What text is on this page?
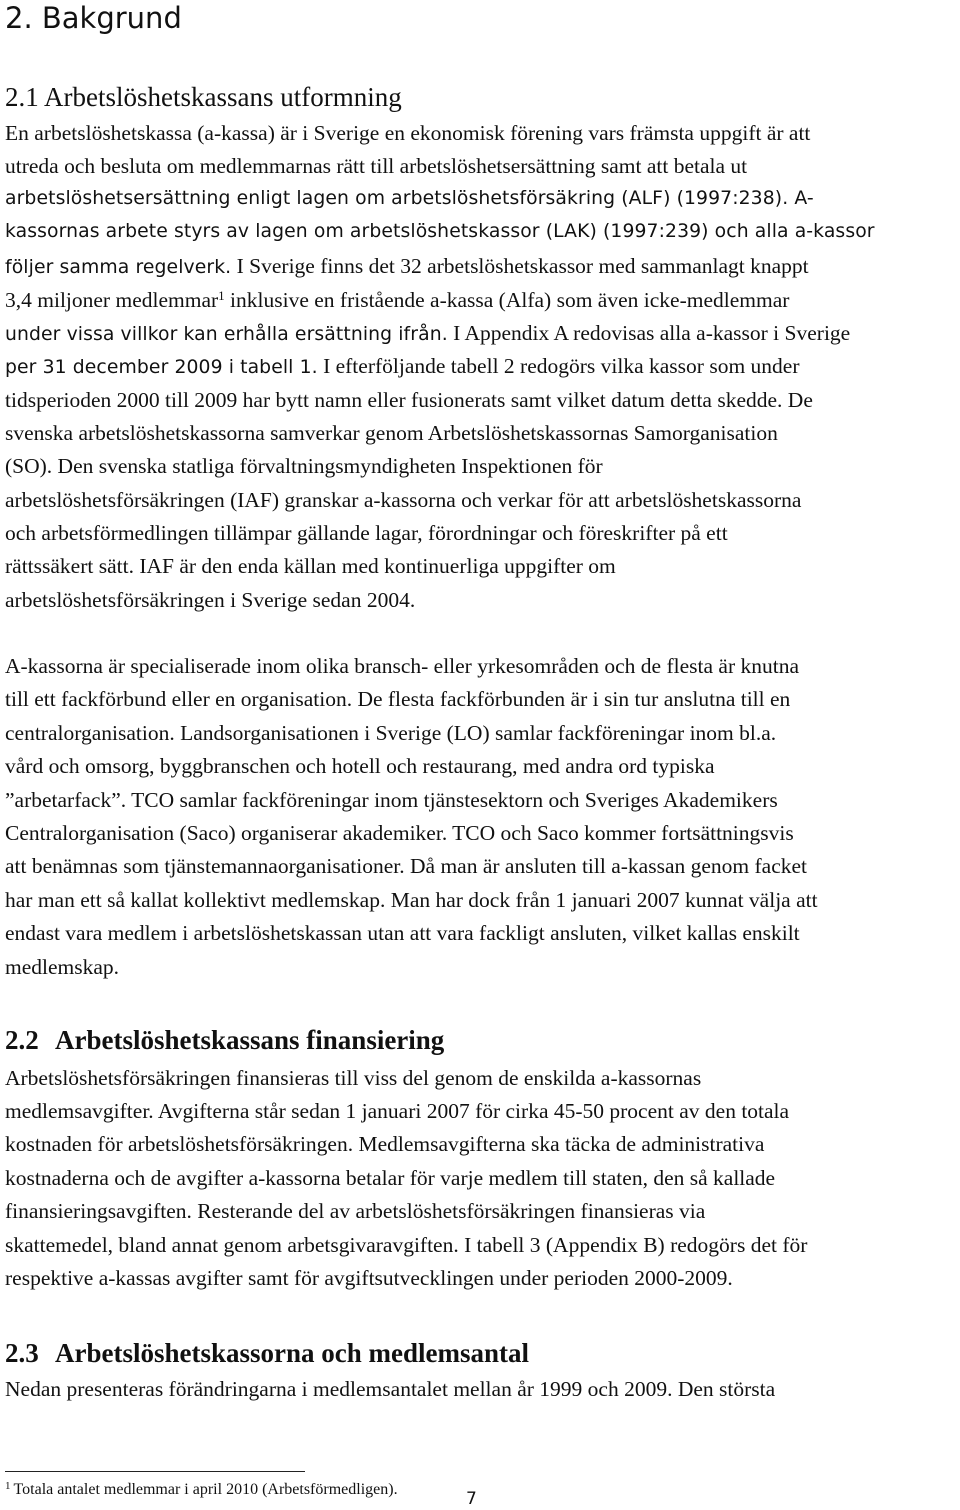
2. Bakgrund
2.1 Arbetslöshetskassans utformning
En arbetslöshetskassa (a-kassa) är i Sverige en ekonomisk förening vars främsta uppgift är att
utreda och besluta om medlemmarnas rätt till arbetslöshetsersättning samt att betala ut
arbetslöshetsersättning enligt lagen om arbetslöshetsförsäkring (ALF) (1997:238). A-
kassornas arbete styrs av lagen om arbetslöshetskassor (LAK) (1997:239) och alla a-kassor
följer samma regelverk. I Sverige finns det 32 arbetslöshetskassor med sammanlagt knappt
3,4 miljoner medlemmar$^1$ inklusive en fristående a-kassa (Alfa) som även icke-medlemmar
under vissa villkor kan erhålla ersättning ifrån. I Appendix A redovisas alla a-kassor i Sverige
per 31 december 2009 i tabell 1. I efterföljande tabell 2 redogörs vilka kassor som under
tidsperioden 2000 till 2009 har bytt namn eller fusionerats samt vilket datum detta skedde. De
svenska arbetslöshetskassorna samverkar genom Arbetslöshetskassornas Samorganisation
(SO). Den svenska statliga förvaltningsmyndigheten Inspektionen för
arbetslöshetsförsäkringen (IAF) granskar a-kassorna och verkar för att arbetslöshetskassorna
och arbetsförmedlingen tillämpar gällande lagar, förordningar och föreskrifter på ett
rättssäkert sätt. IAF är den enda källan med kontinuerliga uppgifter om
arbetslöshetsförsäkringen i Sverige sedan 2004.
A-kassorna är specialiserade inom olika bransch- eller yrkesområden och de flesta är knutna
till ett fackförbund eller en organisation. De flesta fackförbunden är i sin tur anslutna till en
centralorganisation. Landsorganisationen i Sverige (LO) samlar fackföreningar inom bl.a.
vård och omsorg, byggbranschen och hotell och restaurang, med andra ord typiska
”arbetarfack”. TCO samlar fackföreningar inom tjänstesektorn och Sveriges Akademikers
Centralorganisation (Saco) organiserar akademiker. TCO och Saco kommer fortsättningsvis
att benämnas som tjänstemannaorganisationer. Då man är ansluten till a-kassan genom facket
har man ett så kallat kollektivt medlemskap. Man har dock från 1 januari 2007 kunnat välja att
endast vara medlem i arbetslöshetskassan utan att vara fackligt ansluten, vilket kallas enskilt
medlemskap.
2.2 Arbetslöshetskassans finansiering
Arbetslöshetsförsäkringen finansieras till viss del genom de enskilda a-kassornas
medlemsavgifter. Avgifterna står sedan 1 januari 2007 för cirka 45-50 procent av den totala
kostnaden för arbetslöshetsförsäkringen. Medlemsavgifterna ska täcka de administrativa
kostnaderna och de avgifter a-kassorna betalar för varje medlem till staten, den så kallade
finansieringsavgiften. Resterande del av arbetslöshetsförsäkringen finansieras via
skattemedel, bland annat genom arbetsgivaravgiften. I tabell 3 (Appendix B) redogörs det för
respektive a-kassas avgifter samt för avgiftsutvecklingen under perioden 2000-2009.
2.3 Arbetslöshetskassorna och medlemsantal
Nedan presenteras förändringarna i medlemsantalet mellan år 1999 och 2009. Den största
$^1$ Totala antalet medlemmar i april 2010 (Arbetsförmedligen).	7
